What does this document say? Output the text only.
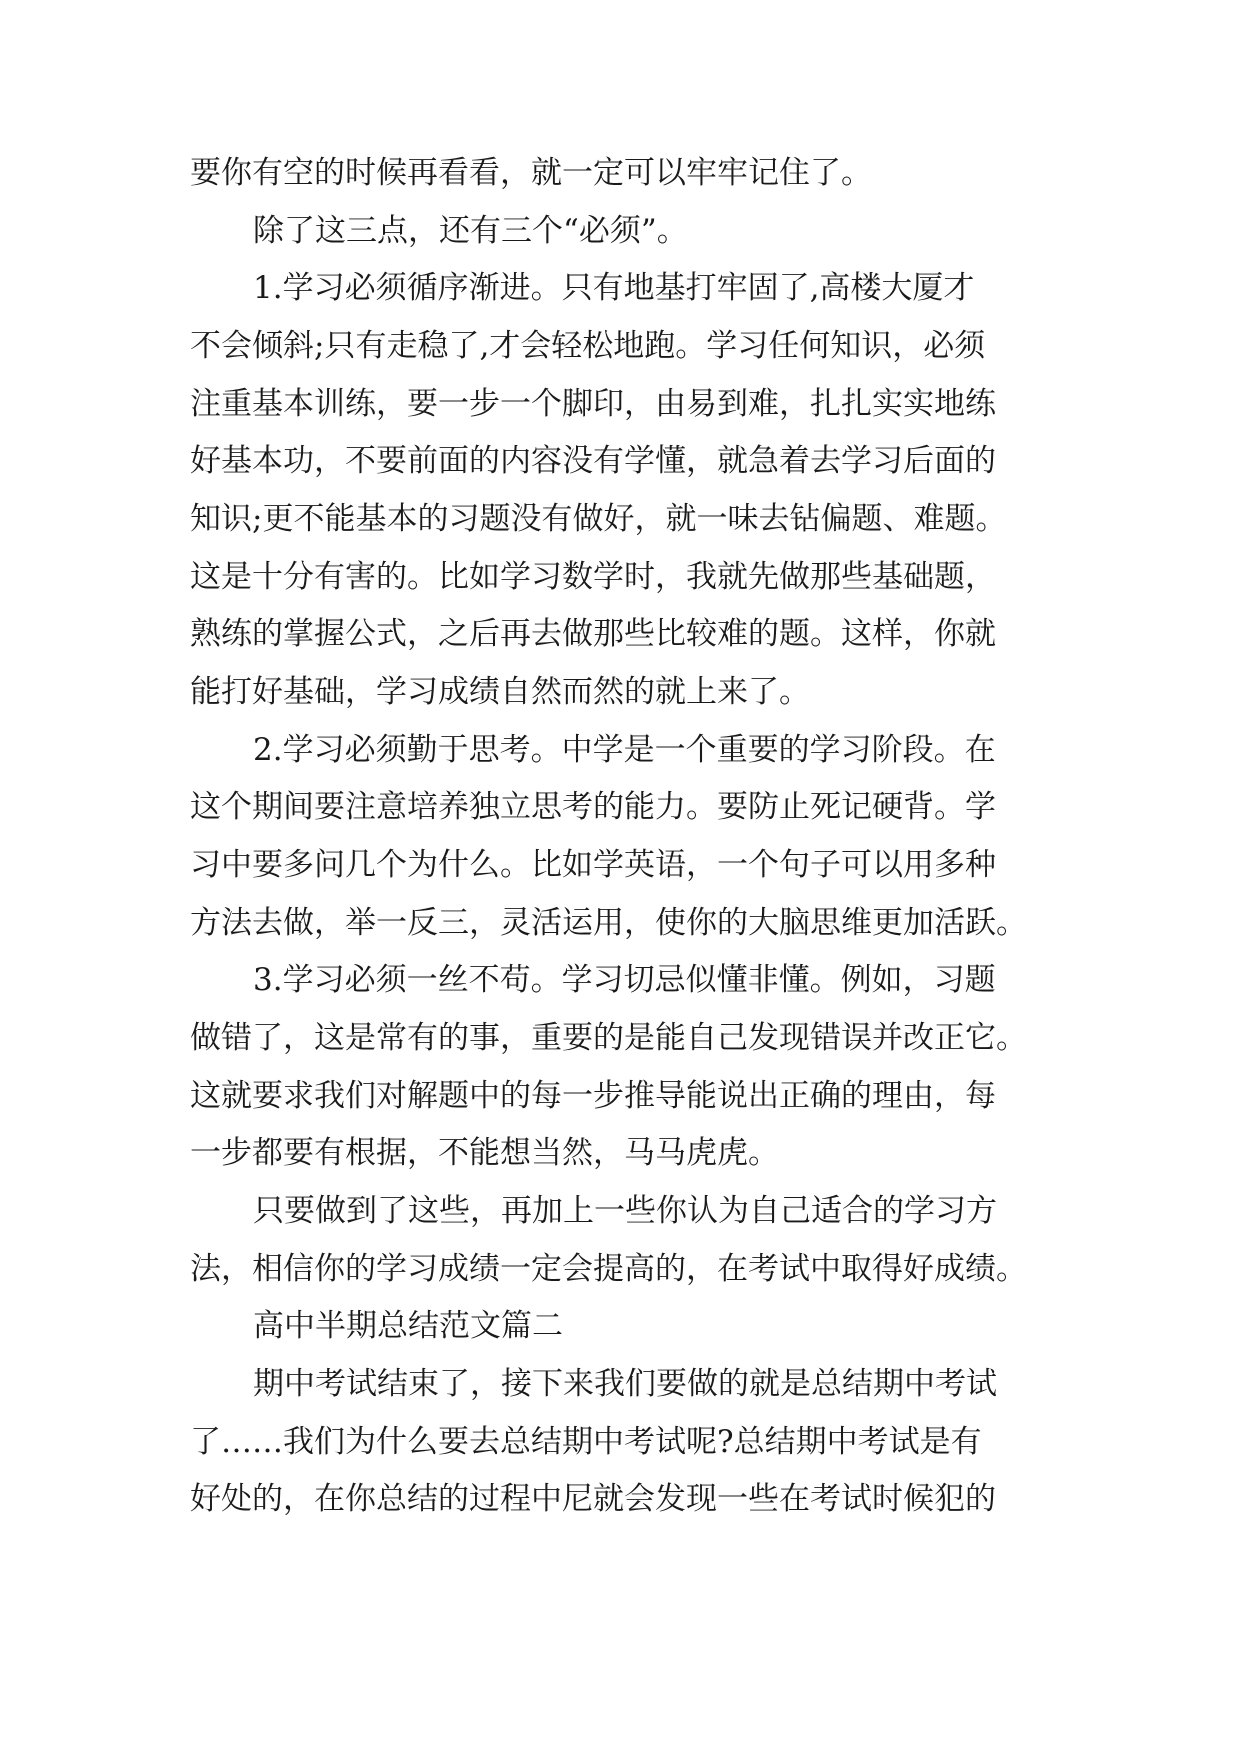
要你有空的时候再看看，就一定可以牢牢记住了。
除了这三点，还有三个“必须”。
1.学习必须循序渐进。只有地基打牢固了,高楼大厦才
不会倾斜;只有走稳了,才会轻松地跑。学习任何知识，必须
注重基本训练，要一步一个脚印，由易到难，扎扎实实地练
好基本功，不要前面的内容没有学懂，就急着去学习后面的
知识;更不能基本的习题没有做好，就一味去钻偏题、难题。
这是十分有害的。比如学习数学时，我就先做那些基础题，
熟练的掌握公式，之后再去做那些比较难的题。这样，你就
能打好基础，学习成绩自然而然的就上来了。
2.学习必须勤于思考。中学是一个重要的学习阶段。在
这个期间要注意培养独立思考的能力。要防止死记硬背。学
习中要多问几个为什么。比如学英语，一个句子可以用多种
方法去做，举一反三，灵活运用，使你的大脑思维更加活跃。
3.学习必须一丝不苟。学习切忌似懂非懂。例如，习题
做错了，这是常有的事，重要的是能自己发现错误并改正它。
这就要求我们对解题中的每一步推导能说出正确的理由，每
一步都要有根据，不能想当然，马马虎虎。
只要做到了这些，再加上一些你认为自己适合的学习方
法，相信你的学习成绩一定会提高的，在考试中取得好成绩。
高中半期总结范文篇二
期中考试结束了，接下来我们要做的就是总结期中考试
了……我们为什么要去总结期中考试呢?总结期中考试是有
好处的，在你总结的过程中尼就会发现一些在考试时候犯的
